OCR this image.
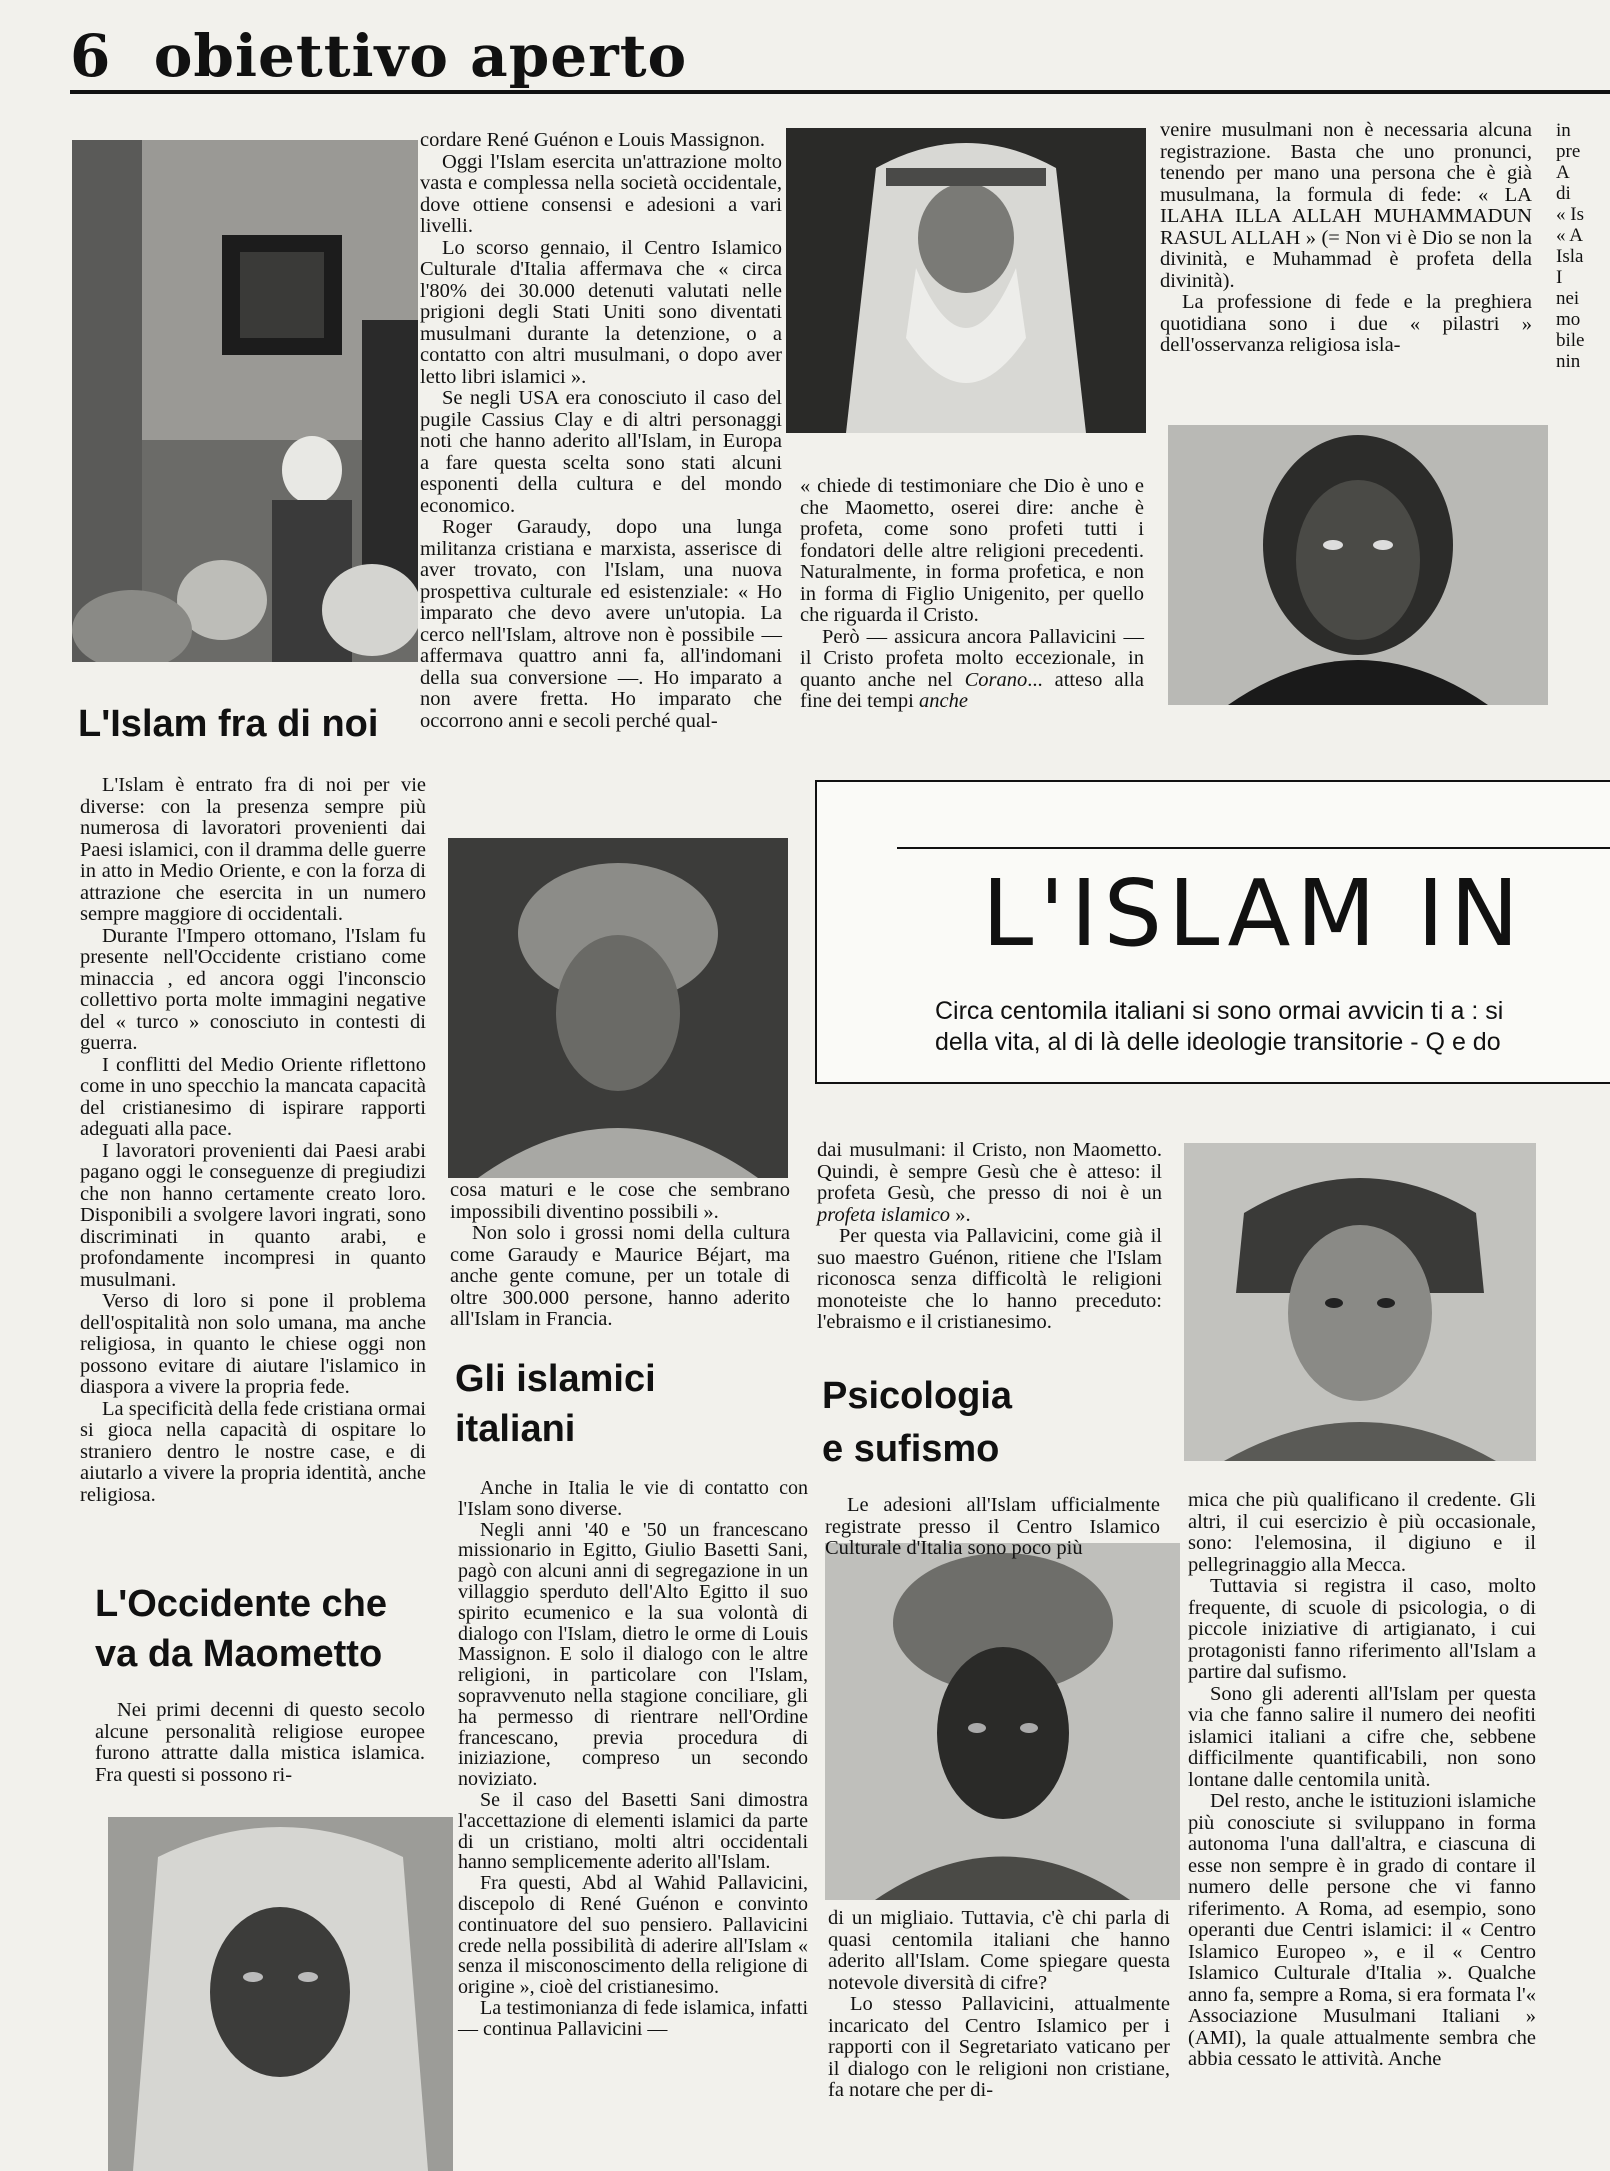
6 obiettivo aperto
L'ISLAM IN
Circa centomila italiani si sono ormai avvicin ti a : si
della vita, al di là delle ideologie transitorie - Q e do
L'Islam fra di noi

L'Islam è entrato fra di noi per vie diverse: con la presenza sempre più numerosa di lavoratori provenienti dai Paesi islamici, con il dramma delle guerre in atto in Medio Oriente, e con la forza di attrazione che esercita in un numero sempre maggiore di occidentali.

Durante l'Impero ottomano, l'Islam fu presente nell'Occidente cristiano come minaccia , ed ancora oggi l'inconscio collettivo porta molte immagini negative del « turco » conosciuto in contesti di guerra.

I conflitti del Medio Oriente riflettono come in uno specchio la mancata capacità del cristianesimo di ispirare rapporti adeguati alla pace.

I lavoratori provenienti dai Paesi arabi pagano oggi le conseguenze di pregiudizi che non hanno certamente creato loro. Disponibili a svolgere lavori ingrati, sono discriminati in quanto arabi, e profondamente incompresi in quanto musulmani.

Verso di loro si pone il problema dell'ospitalità non solo umana, ma anche religiosa, in quanto le chiese oggi non possono evitare di aiutare l'islamico in diaspora a vivere la propria fede.

La specificità della fede cristiana ormai si gioca nella capacità di ospitare lo straniero dentro le nostre case, e di aiutarlo a vivere la propria identità, anche religiosa.

L'Occidente che
va da Maometto

Nei primi decenni di questo secolo alcune personalità religiose europee furono attratte dalla mistica islamica. Fra questi si possono ri-

cordare René Guénon e Louis Massignon.

Oggi l'Islam esercita un'attrazione molto vasta e complessa nella società occidentale, dove ottiene consensi e adesioni a vari livelli.

Lo scorso gennaio, il Centro Islamico Culturale d'Italia affermava che « circa l'80% dei 30.000 detenuti valutati nelle prigioni degli Stati Uniti sono diventati musulmani durante la detenzione, o a contatto con altri musulmani, o dopo aver letto libri islamici ».

Se negli USA era conosciuto il caso del pugile Cassius Clay e di altri personaggi noti che hanno aderito all'Islam, in Europa a fare questa scelta sono stati alcuni esponenti della cultura e del mondo economico.

Roger Garaudy, dopo una lunga militanza cristiana e marxista, asserisce di aver trovato, con l'Islam, una nuova prospettiva culturale ed esistenziale: « Ho imparato che devo avere un'utopia. La cerco nell'Islam, altrove non è possibile — affermava quattro anni fa, all'indomani della sua conversione —. Ho imparato a non avere fretta. Ho imparato che occorrono anni e secoli perché qual-

cosa maturi e le cose che sembrano impossibili diventino possibili ».

Non solo i grossi nomi della cultura come Garaudy e Maurice Béjart, ma anche gente comune, per un totale di oltre 300.000 persone, hanno aderito all'Islam in Francia.

Gli islamici
italiani

Anche in Italia le vie di contatto con l'Islam sono diverse.

Negli anni '40 e '50 un francescano missionario in Egitto, Giulio Basetti Sani, pagò con alcuni anni di segregazione in un villaggio sperduto dell'Alto Egitto il suo spirito ecumenico e la sua volontà di dialogo con l'Islam, dietro le orme di Louis Massignon. E solo il dialogo con le altre religioni, in particolare con l'Islam, sopravvenuto nella stagione conciliare, gli ha permesso di rientrare nell'Ordine francescano, previa procedura di iniziazione, compreso un secondo noviziato.

Se il caso del Basetti Sani dimostra l'accettazione di elementi islamici da parte di un cristiano, molti altri occidentali hanno semplicemente aderito all'Islam.

Fra questi, Abd al Wahid Pallavicini, discepolo di René Guénon e convinto continuatore del suo pensiero. Pallavicini crede nella possibilità di aderire all'Islam « senza il misconoscimento della religione di origine », cioè del cristianesimo.

La testimonianza di fede islamica, infatti — continua Pallavicini —

« chiede di testimoniare che Dio è uno e che Maometto, oserei dire: anche è profeta, come sono profeti tutti i fondatori delle altre religioni precedenti. Naturalmente, in forma profetica, e non in forma di Figlio Unigenito, per quello che riguarda il Cristo.

Però — assicura ancora Pallavicini — il Cristo profeta molto eccezionale, in quanto anche nel Corano... atteso alla fine dei tempi anche

dai musulmani: il Cristo, non Maometto. Quindi, è sempre Gesù che è atteso: il profeta Gesù, che presso di noi è un profeta islamico ».

Per questa via Pallavicini, come già il suo maestro Guénon, ritiene che l'Islam riconosca senza difficoltà le religioni monoteiste che lo hanno preceduto: l'ebraismo e il cristianesimo.

Psicologia
e sufismo

Le adesioni all'Islam ufficialmente registrate presso il Centro Islamico Culturale d'Italia sono poco più

di un migliaio. Tuttavia, c'è chi parla di quasi centomila italiani che hanno aderito all'Islam. Come spiegare questa notevole diversità di cifre?

Lo stesso Pallavicini, attualmente incaricato del Centro Islamico per i rapporti con il Segretariato vaticano per il dialogo con le religioni non cristiane, fa notare che per di-

venire musulmani non è necessaria alcuna registrazione. Basta che uno pronunci, tenendo per mano una persona che è già musulmana, la formula di fede: « LA ILAHA ILLA ALLAH MUHAMMADUN RASUL ALLAH » (= Non vi è Dio se non la divinità, e Muhammad è profeta della divinità).

La professione di fede e la preghiera quotidiana sono i due « pilastri » dell'osservanza religiosa isla-

mica che più qualificano il credente. Gli altri, il cui esercizio è più occasionale, sono: l'elemosina, il digiuno e il pellegrinaggio alla Mecca.

Tuttavia si registra il caso, molto frequente, di scuole di psicologia, o di piccole iniziative di artigianato, i cui protagonisti fanno riferimento all'Islam a partire dal sufismo.

Sono gli aderenti all'Islam per questa via che fanno salire il numero dei neofiti islamici italiani a cifre che, sebbene difficilmente quantificabili, non sono lontane dalle centomila unità.

Del resto, anche le istituzioni islamiche più conosciute si sviluppano in forma autonoma l'una dall'altra, e ciascuna di esse non sempre è in grado di contare il numero delle persone che vi fanno riferimento. A Roma, ad esempio, sono operanti due Centri islamici: il « Centro Islamico Europeo », e il « Centro Islamico Culturale d'Italia ». Qualche anno fa, sempre a Roma, si era formata l'« Associazione Musulmani Italiani » (AMI), la quale attualmente sembra che abbia cessato le attività. Anche

in
pre
A
di
« Is
« A
Isla
I
nei
mo
bile
nin
